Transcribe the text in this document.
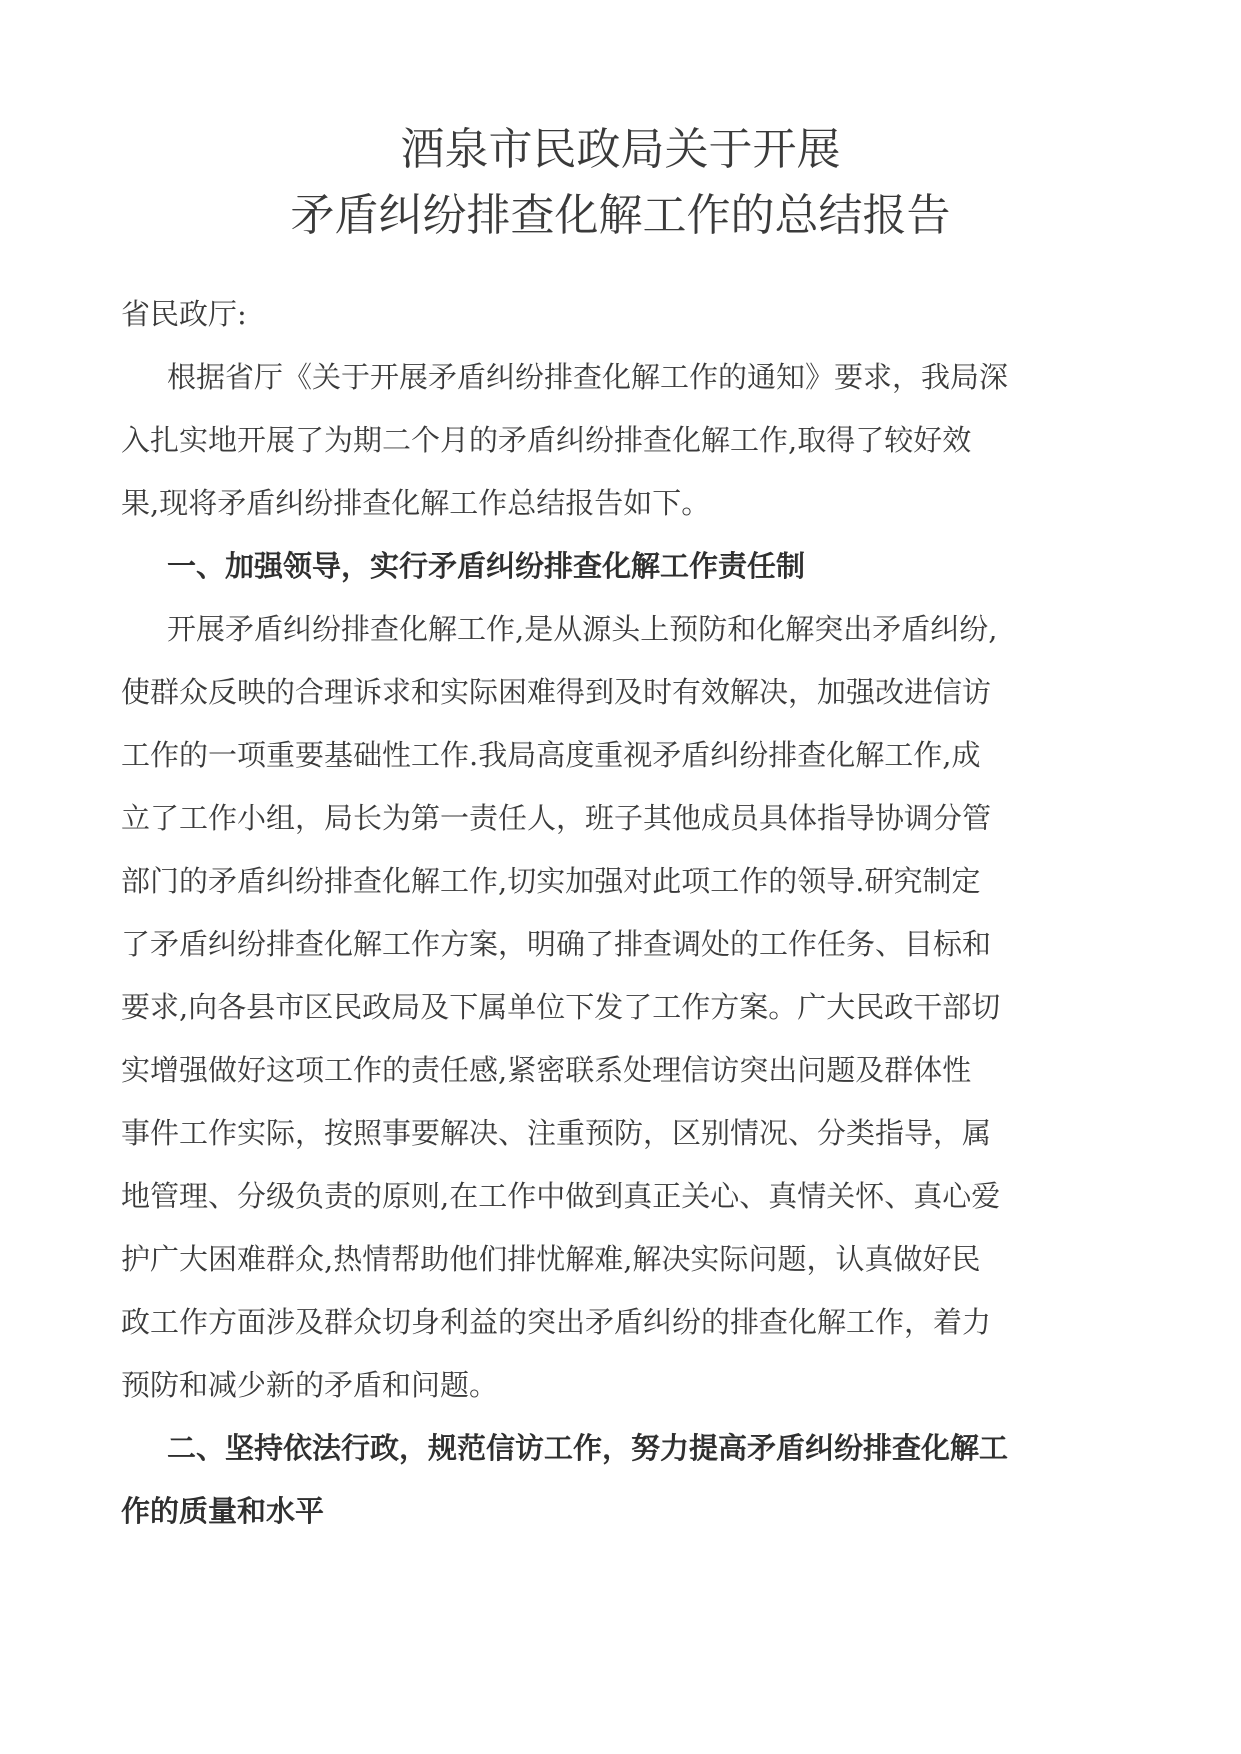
酒泉市民政局关于开展
矛盾纠纷排查化解工作的总结报告
省民政厅:
根据省厅《关于开展矛盾纠纷排查化解工作的通知》要求，我局深
入扎实地开展了为期二个月的矛盾纠纷排查化解工作,取得了较好效
果,现将矛盾纠纷排查化解工作总结报告如下。
一、加强领导，实行矛盾纠纷排查化解工作责任制
开展矛盾纠纷排查化解工作,是从源头上预防和化解突出矛盾纠纷,
使群众反映的合理诉求和实际困难得到及时有效解决，加强改进信访
工作的一项重要基础性工作.我局高度重视矛盾纠纷排查化解工作,成
立了工作小组，局长为第一责任人，班子其他成员具体指导协调分管
部门的矛盾纠纷排查化解工作,切实加强对此项工作的领导.研究制定
了矛盾纠纷排查化解工作方案，明确了排查调处的工作任务、目标和
要求,向各县市区民政局及下属单位下发了工作方案。广大民政干部切
实增强做好这项工作的责任感,紧密联系处理信访突出问题及群体性
事件工作实际，按照事要解决、注重预防，区别情况、分类指导，属
地管理、分级负责的原则,在工作中做到真正关心、真情关怀、真心爱
护广大困难群众,热情帮助他们排忧解难,解决实际问题，认真做好民
政工作方面涉及群众切身利益的突出矛盾纠纷的排查化解工作，着力
预防和减少新的矛盾和问题。
二、坚持依法行政，规范信访工作，努力提高矛盾纠纷排查化解工
作的质量和水平
